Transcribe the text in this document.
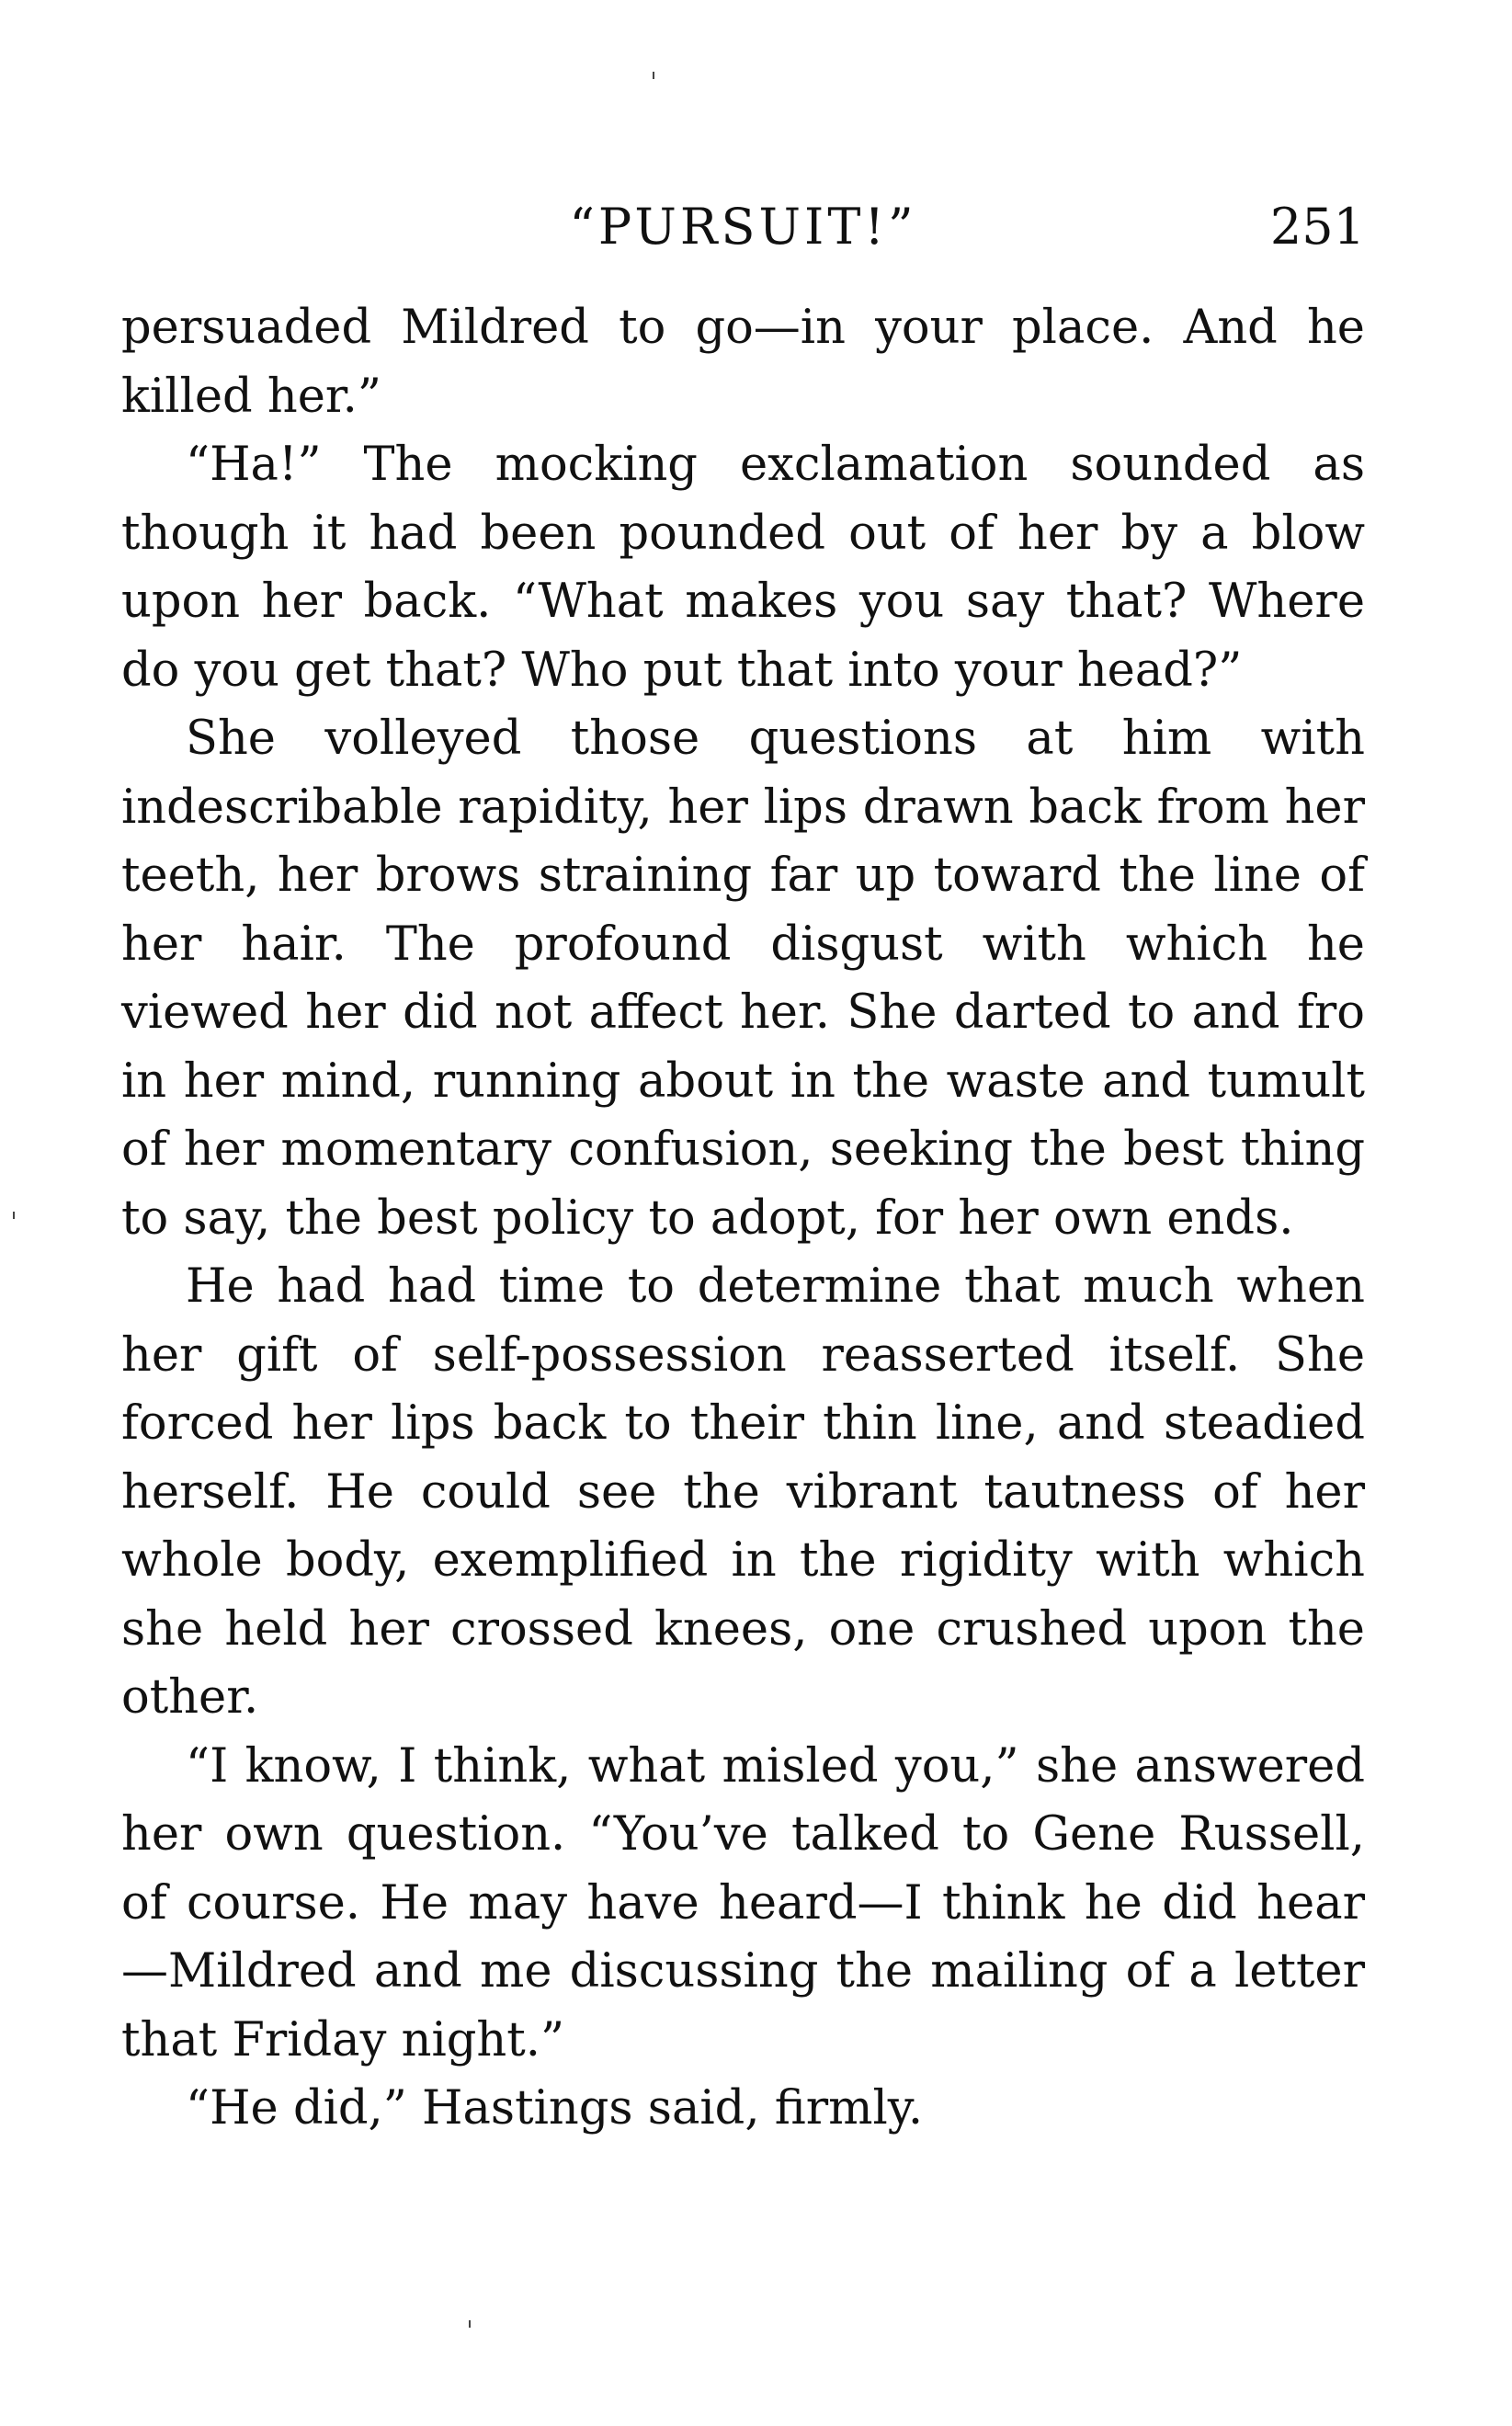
“PURSUIT!”	251

persuaded Mildred to go—in your place. And he killed her.”

“Ha!” The mocking exclamation sounded as though it had been pounded out of her by a blow upon her back. “What makes you say that? Where do you get that? Who put that into your head?”

She volleyed those questions at him with indescribable rapidity, her lips drawn back from her teeth, her brows straining far up toward the line of her hair. The profound disgust with which he viewed her did not affect her. She darted to and fro in her mind, running about in the waste and tumult of her momentary confusion, seeking the best thing to say, the best policy to adopt, for her own ends.

He had had time to determine that much when her gift of self-possession reasserted itself. She forced her lips back to their thin line, and steadied herself. He could see the vibrant tautness of her whole body, exemplified in the rigidity with which she held her crossed knees, one crushed upon the other.

“I know, I think, what misled you,” she answered her own question. “You’ve talked to Gene Russell, of course. He may have heard—I think he did hear—Mildred and me discussing the mailing of a letter that Friday night.”

“He did,” Hastings said, firmly.
